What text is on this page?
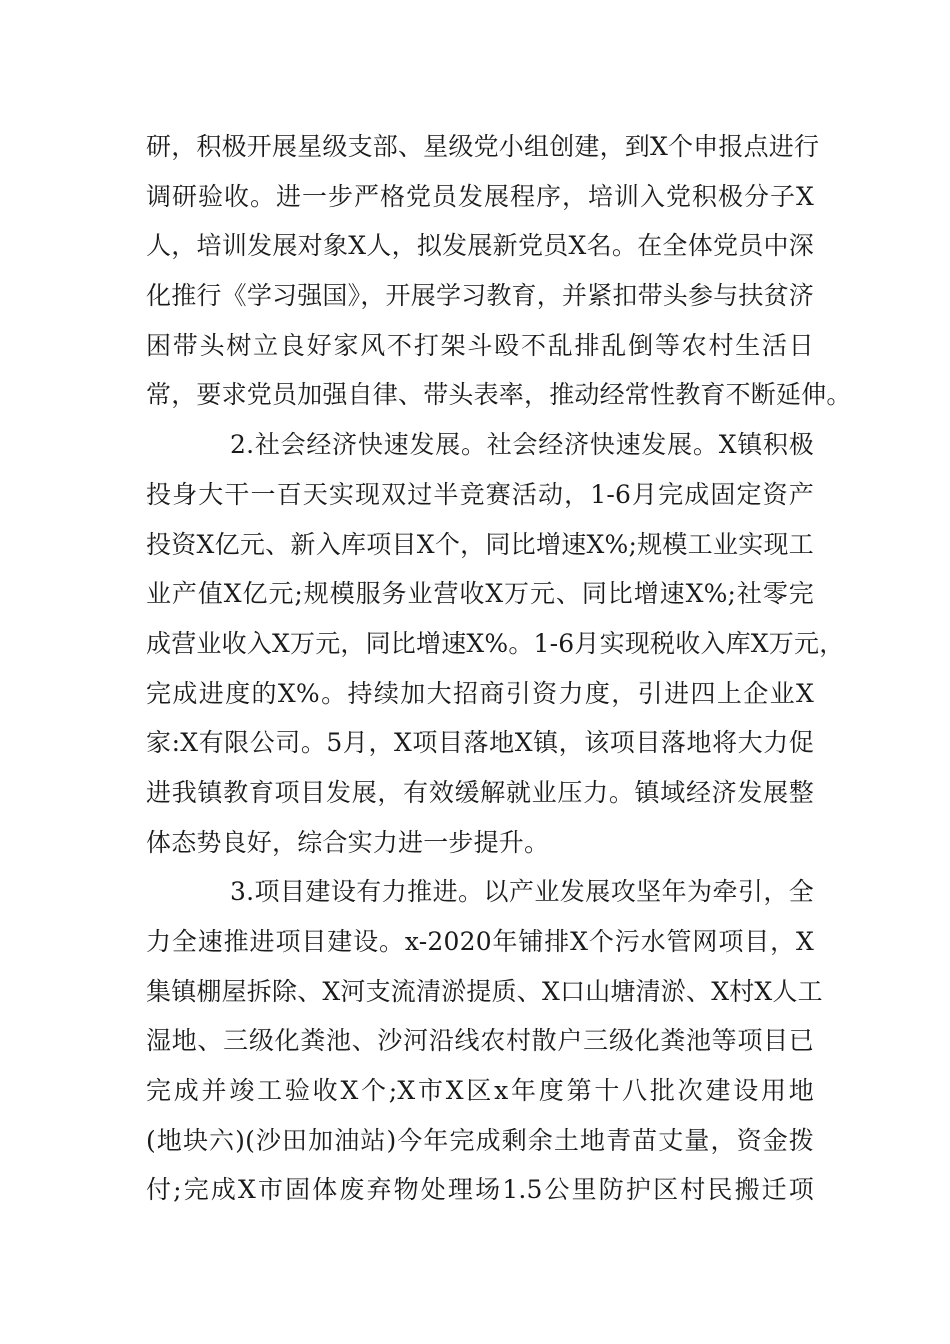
研，积极开展星级支部、星级党小组创建，到X个申报点进行
调研验收。进一步严格党员发展程序，培训入党积极分子X
人，培训发展对象X人，拟发展新党员X名。在全体党员中深
化推行《学习强国》，开展学习教育，并紧扣带头参与扶贫济
困带头树立良好家风不打架斗殴不乱排乱倒等农村生活日
常，要求党员加强自律、带头表率，推动经常性教育不断延伸。
2.社会经济快速发展。社会经济快速发展。X镇积极
投身大干一百天实现双过半竞赛活动，1-6月完成固定资产
投资X亿元、新入库项目X个，同比增速X%;规模工业实现工
业产值X亿元;规模服务业营收X万元、同比增速X%;社零完
成营业收入X万元，同比增速X%。1-6月实现税收入库X万元，
完成进度的X%。持续加大招商引资力度，引进四上企业X
家:X有限公司。5月，X项目落地X镇，该项目落地将大力促
进我镇教育项目发展，有效缓解就业压力。镇域经济发展整
体态势良好，综合实力进一步提升。
3.项目建设有力推进。以产业发展攻坚年为牵引，全
力全速推进项目建设。x-2020年铺排X个污水管网项目，X
集镇棚屋拆除、X河支流清淤提质、X口山塘清淤、X村X人工
湿地、三级化粪池、沙河沿线农村散户三级化粪池等项目已
完成并竣工验收X个;X市X区x年度第十八批次建设用地
(地块六)(沙田加油站)今年完成剩余土地青苗丈量，资金拨
付;完成X市固体废弃物处理场1.5公里防护区村民搬迁项
